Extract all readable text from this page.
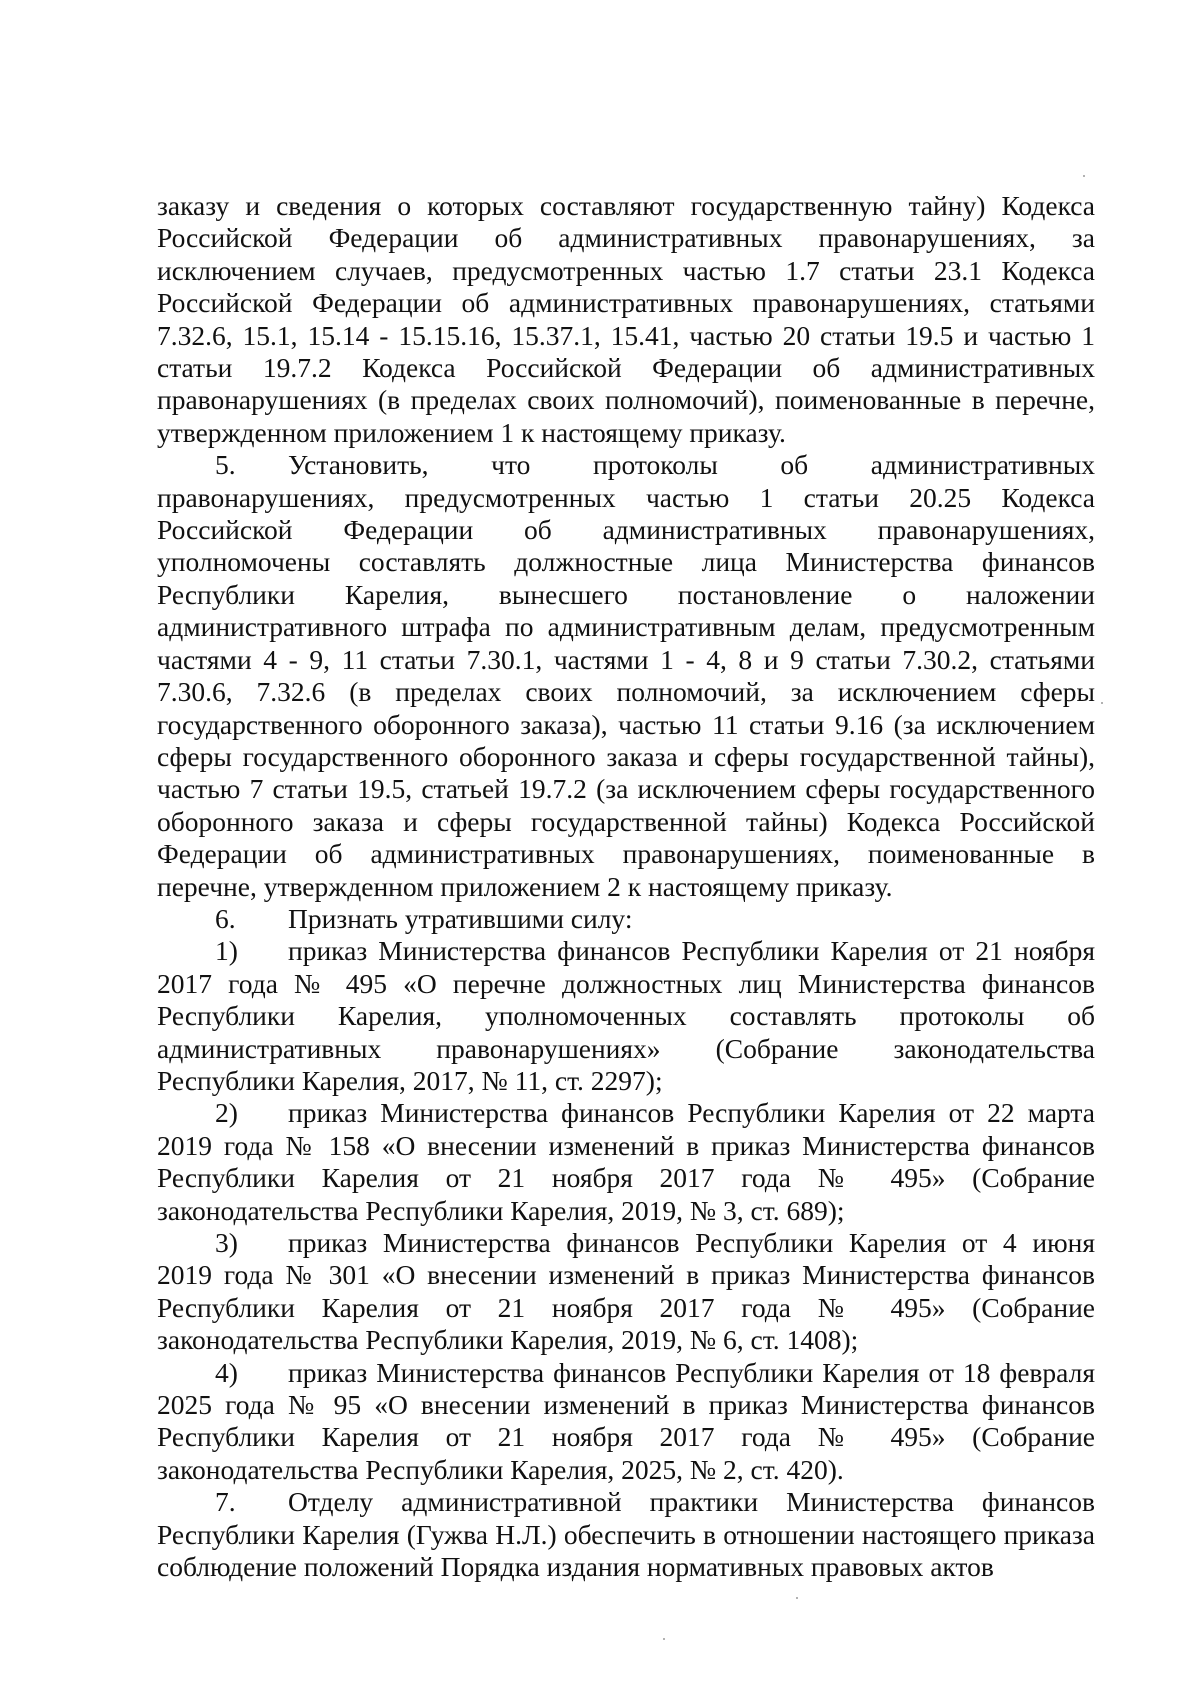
заказу и сведения о которых составляют государственную тайну) Кодекса Российской Федерации об административных правонарушениях, за исключением случаев, предусмотренных частью 1.7 статьи 23.1 Кодекса Российской Федерации об административных правонарушениях, статьями 7.32.6, 15.1, 15.14 - 15.15.16, 15.37.1, 15.41, частью 20 статьи 19.5 и частью 1 статьи 19.7.2 Кодекса Российской Федерации об административных правонарушениях (в пределах своих полномочий), поименованные в перечне, утвержденном приложением 1 к настоящему приказу.

5. Установить, что протоколы об административных правонарушениях, предусмотренных частью 1 статьи 20.25 Кодекса Российской Федерации об административных правонарушениях, уполномочены составлять должностные лица Министерства финансов Республики Карелия, вынесшего постановление о наложении административного штрафа по административным делам, предусмотренным частями 4 - 9, 11 статьи 7.30.1, частями 1 - 4, 8 и 9 статьи 7.30.2, статьями 7.30.6, 7.32.6 (в пределах своих полномочий, за исключением сферы государственного оборонного заказа), частью 11 статьи 9.16 (за исключением сферы государственного оборонного заказа и сферы государственной тайны), частью 7 статьи 19.5, статьей 19.7.2 (за исключением сферы государственного оборонного заказа и сферы государственной тайны) Кодекса Российской Федерации об административных правонарушениях, поименованные в перечне, утвержденном приложением 2 к настоящему приказу.

6. Признать утратившими силу:

1) приказ Министерства финансов Республики Карелия от 21 ноября 2017 года № 495 «О перечне должностных лиц Министерства финансов Республики Карелия, уполномоченных составлять протоколы об административных правонарушениях» (Собрание законодательства Республики Карелия, 2017, № 11, ст. 2297);

2) приказ Министерства финансов Республики Карелия от 22 марта 2019 года № 158 «О внесении изменений в приказ Министерства финансов Республики Карелия от 21 ноября 2017 года № 495» (Собрание законодательства Республики Карелия, 2019, № 3, ст. 689);

3) приказ Министерства финансов Республики Карелия от 4 июня 2019 года № 301 «О внесении изменений в приказ Министерства финансов Республики Карелия от 21 ноября 2017 года № 495» (Собрание законодательства Республики Карелия, 2019, № 6, ст. 1408);

4) приказ Министерства финансов Республики Карелия от 18 февраля 2025 года № 95 «О внесении изменений в приказ Министерства финансов Республики Карелия от 21 ноября 2017 года № 495» (Собрание законодательства Республики Карелия, 2025, № 2, ст. 420).

7. Отделу административной практики Министерства финансов Республики Карелия (Гужва Н.Л.) обеспечить в отношении настоящего приказа соблюдение положений Порядка издания нормативных правовых актов
